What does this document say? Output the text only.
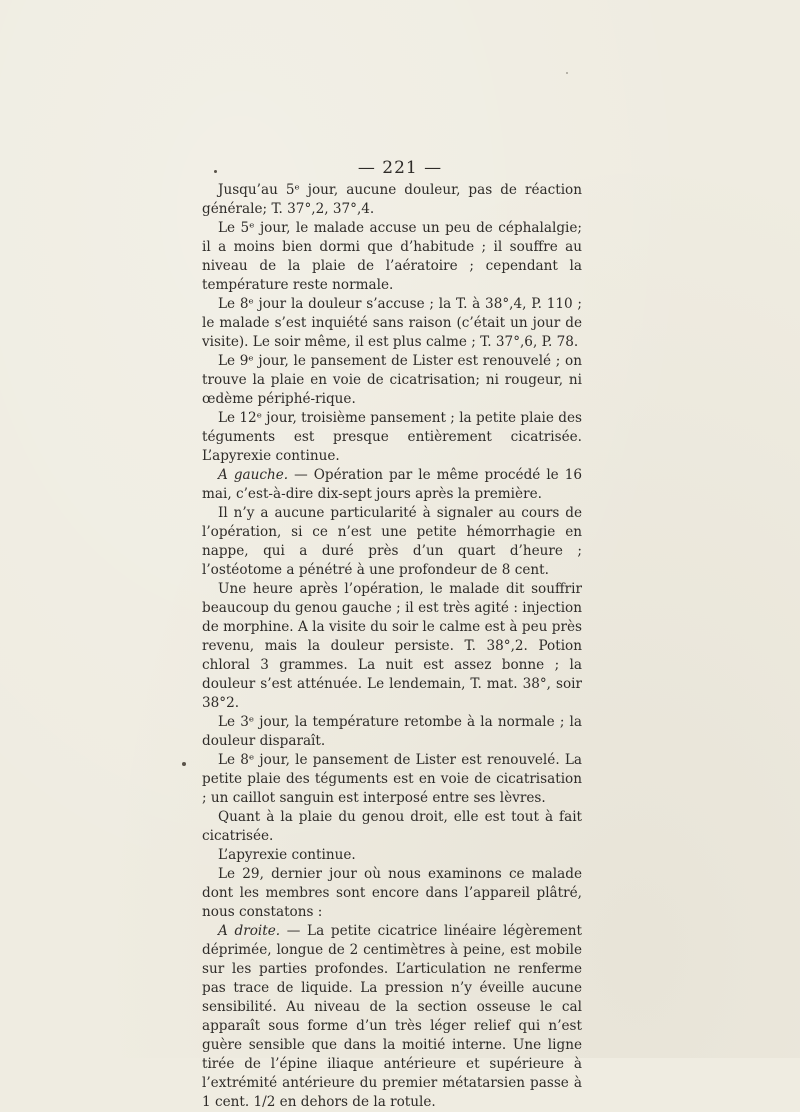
— 221 —

Jusqu’au 5ᵉ jour, aucune douleur, pas de réaction générale; T. 37°,2, 37°,4.

Le 5ᵉ jour, le malade accuse un peu de céphalalgie; il a moins bien dormi que d’habitude ; il souffre au niveau de la plaie de l’aératoire ; cependant la température reste normale.

Le 8ᵉ jour la douleur s’accuse ; la T. à 38°,4, P. 110 ; le malade s’est inquiété sans raison (c’était un jour de visite). Le soir même, il est plus calme ; T. 37°,6, P. 78.

Le 9ᵉ jour, le pansement de Lister est renouvelé ; on trouve la plaie en voie de cicatrisation; ni rougeur, ni œdème périphé-rique.

Le 12ᵉ jour, troisième pansement ; la petite plaie des téguments est presque entièrement cicatrisée. L’apyrexie continue.

A gauche. — Opération par le même procédé le 16 mai, c’est-à-dire dix-sept jours après la première.

Il n’y a aucune particularité à signaler au cours de l’opération, si ce n’est une petite hémorrhagie en nappe, qui a duré près d’un quart d’heure ; l’ostéotome a pénétré à une profondeur de 8 cent.

Une heure après l’opération, le malade dit souffrir beaucoup du genou gauche ; il est très agité : injection de morphine. A la visite du soir le calme est à peu près revenu, mais la douleur persiste. T. 38°,2. Potion chloral 3 grammes. La nuit est assez bonne ; la douleur s’est atténuée. Le lendemain, T. mat. 38°, soir 38°2.

Le 3ᵉ jour, la température retombe à la normale ; la douleur disparaît.

Le 8ᵉ jour, le pansement de Lister est renouvelé. La petite plaie des téguments est en voie de cicatrisation ; un caillot sanguin est interposé entre ses lèvres.

Quant à la plaie du genou droit, elle est tout à fait cicatrisée.

L’apyrexie continue.

Le 29, dernier jour où nous examinons ce malade dont les membres sont encore dans l’appareil plâtré, nous constatons :

A droite. — La petite cicatrice linéaire légèrement déprimée, longue de 2 centimètres à peine, est mobile sur les parties profondes. L’articulation ne renferme pas trace de liquide. La pression n’y éveille aucune sensibilité. Au niveau de la section osseuse le cal apparaît sous forme d’un très léger relief qui n’est guère sensible que dans la moitié interne. Une ligne tirée de l’épine iliaque antérieure et supérieure à l’extrémité antérieure du premier métatarsien passe à 1 cent. 1/2 en dehors de la rotule.
